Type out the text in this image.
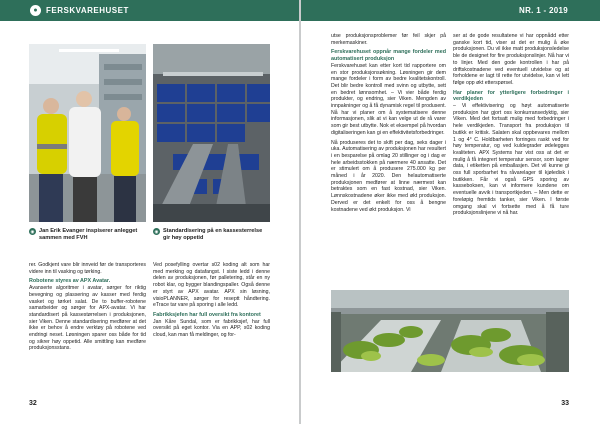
●	FERSKVAREHUSET
◉ Jan Erik Evanger inspiserer anlegget sammen med FVH
◉ Standardisering på en kassesterrelse gir høy oppetid

rer. Godkjent vare blir innveid før de transporteres videre inn til vasking og tørking.

Robotene styres av APX Avatar.

Avanserte algoritmer i avatar, sørger for riktig bevegning og plassering av kasser med ferdig vasket og tørket salat. De to buffer-robotene samarbeider og sørger for APX-avatar. Vi har standardisert på kassestørrelsen i produksjonen, sier Viken. Denne standardisering medfører at det ikke er behov å endre verktøy på robotene ved endringi neset. Løsningen sparer oss både for tid og sikrer høy oppetid. Alle smittling kan medføre produksjonsstans.

Ved posefylling overtar s02 koding alt som har med merking og datafangst. I siste ledd i denne delen av produksjonen, før palletering, står en ny robot klar, og bygger blandingspaller. Også denne er styrt av APX avatar. APX sin løsning, visioPLANNER, sørger for reseptt håndtering. eTrace tar vare på sporing i alle ledd.

Fabrikksjefen har full oversikt fra kontoret

Jan Kåre Sundal, som er fabrikksjef, har full oversikt på eget kontor. Via en APP, s02 koding cloud, kan man få meldinger, og for-

32
NR. 1 - 2019

utse produksjonsproblemer før feil skjer på merkemaskiner.

Ferskvarehuset oppnår mange fordeler med automatisert produksjon

Ferskvarehuset kan etter kort tid rapportere om en stor produksjonsøkning. Løsningen gir dem mange fordeler i form av bedre kvalitetskontroll. Det blir bedre kontroll med svinn og utbytte, sett en bedret lønnsomhet. – Vi vier både ferdig produkter, og endring, sier Viken. Mengden av innpakninger og å få dynamisk regel til produsent. Nå har vi planer om å systematisere denne informasjonen, slik at vi kan velge ut de rå varer som gir best utbytte. Nok et eksempel på hvordan digitaliseringen kan gi en effektivitetsforbedringer.

Nå produseres det to skift per dag, seks dager i uka. Automatisering av produksjonen har resultert i en besparelse på omlag 20 stillinger og i dag er hele arbeidsstokken på nærmere 40 ansatte. Det er stimulert om å produsere 275.000 kg per måned i år 2020. Den helautomatiserte produksjonen medfører at linne nærmest kan betraktes som en fast kostnad, sier Viken. Lønnskostnadene øker ikke med økt produksjon. Derved er det enkelt for oss å bengne kostnadene ved økt produksjon. Vi

ser at de gode resultatene vi har oppnådd etter ganske kort tid, viser at det er mulig å øke produksjonen. Du vil ikke matt produksjonsledelse ble de designet for fire produksjonslinjer. Nå har vi to linjer. Med den gode kontrollen i har på driftskostnadene ved eventuell utvidelse og at forholdene er lagt til rette for utvidelse, kan vi lett følge opp økt etterspørsel.

Har planer for ytterligere forbedringer i verdikjeden

– Vi effektivisering og høyt automatiserte produksjon har gjort oss konkurransedyktig, sier Viken. Med det fortsatt mulig med forbedringer i hele verdikjeden. Transport fra produksjon til butikk er kritisk. Salaten skal oppbevares mellom 1 og 4° C. Holdbarheten forringes raskt ved for høy temperatur, og ved kuldegrader ødelegges kvaliteten. APX Systems har vist oss at det er mulig å få integrert temperatur sensor, som lagrer data, i etiketten på emballasjen. Det vil kunne gi oss full sporbarhet fra råvarelager til kjøledisk i butikken. Får vi også GPS sporing av kasseboksen, kan vi informere kundene om eventuelle avvik i transportkjeden. – Men dette er foreløpig fremtids tanker, sier Viken. I første omgang skal vi fortsette med å få ture produksjonslinjene vi nå har.

33
